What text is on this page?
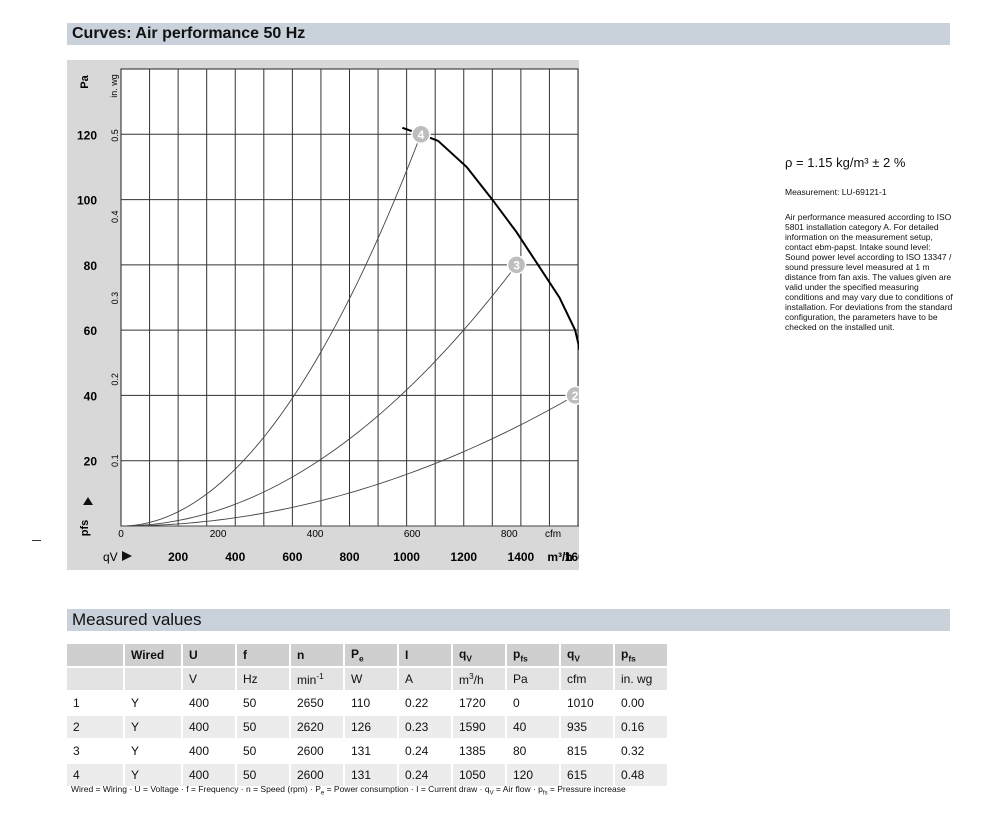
Curves: Air performance 50 Hz
20
40
60
80
100
120
Pa in. wg
0.1
0.2
0.3
0.4
0.5
pfs	0	200	400	600	800	cfm
200	400	600	800	1000	1200	1400	16
m³/h
qV
2
3
4
ρ = 1.15 kg/m³ ± 2 %
Measurement: LU-69121-1
Air performance measured according to ISO
5801 installation category A. For detailed
information on the measurement setup,
contact ebm-papst. Intake sound level:
Sound power level according to ISO 13347 /
sound pressure level measured at 1 m
distance from fan axis. The values given are
valid under the specified measuring
conditions and may vary due to conditions of
installation. For deviations from the standard
configuration, the parameters have to be
checked on the installed unit.
Measured values
	Wired	U	f	n	$P_e$	I	$q_V$	$p_{fs}$	$q_V$	$p_{fs}$
		V	Hz	$\min^{-1}$	W	A	$m^3/h$	Pa	cfm	in. wg
1	Y	400	50	2650	110	0.22	1720	0	1010	0.00
2	Y	400	50	2620	126	0.23	1590	40	935	0.16
3	Y	400	50	2600	131	0.24	1385	80	815	0.32
4	Y	400	50	2600	131	0.24	1050	120	615	0.48
Wired = Wiring · U = Voltage · f = Frequency · n = Speed $(rpm) \cdot P_e$ = Power consumption · I = Current draw · $q_V$ = Air flow · $p_{fs}$ = Pressure increase
